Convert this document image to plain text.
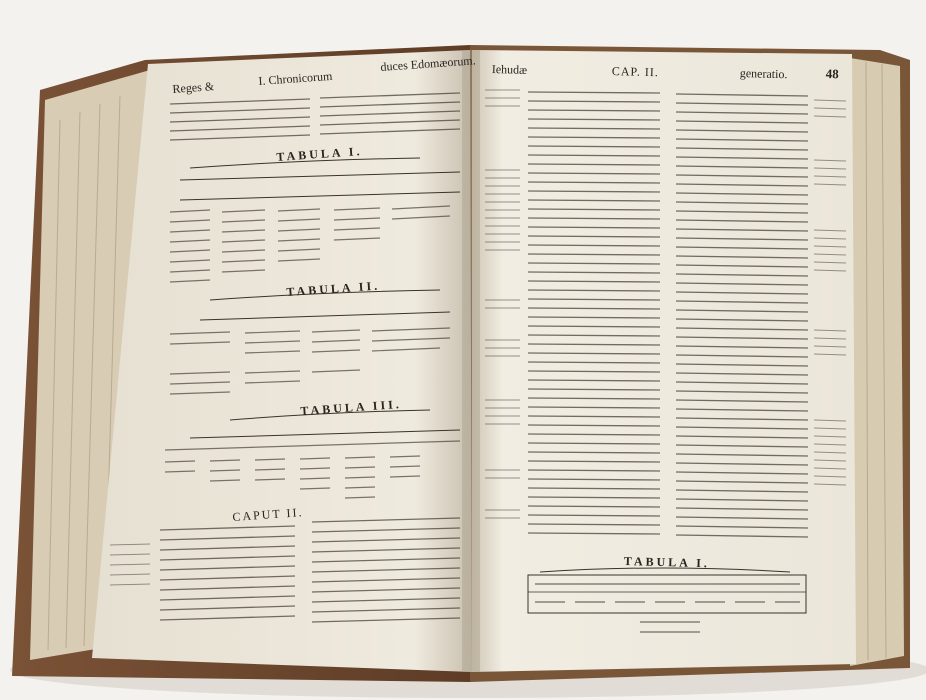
Reges &	I. Chronicorum
duces Edomæorum.
TABULA I.
TABULA II.
TABULA III.
CAPUT II.
Iehudæ	CAP. II.	generatio.	48
TABULA I.
